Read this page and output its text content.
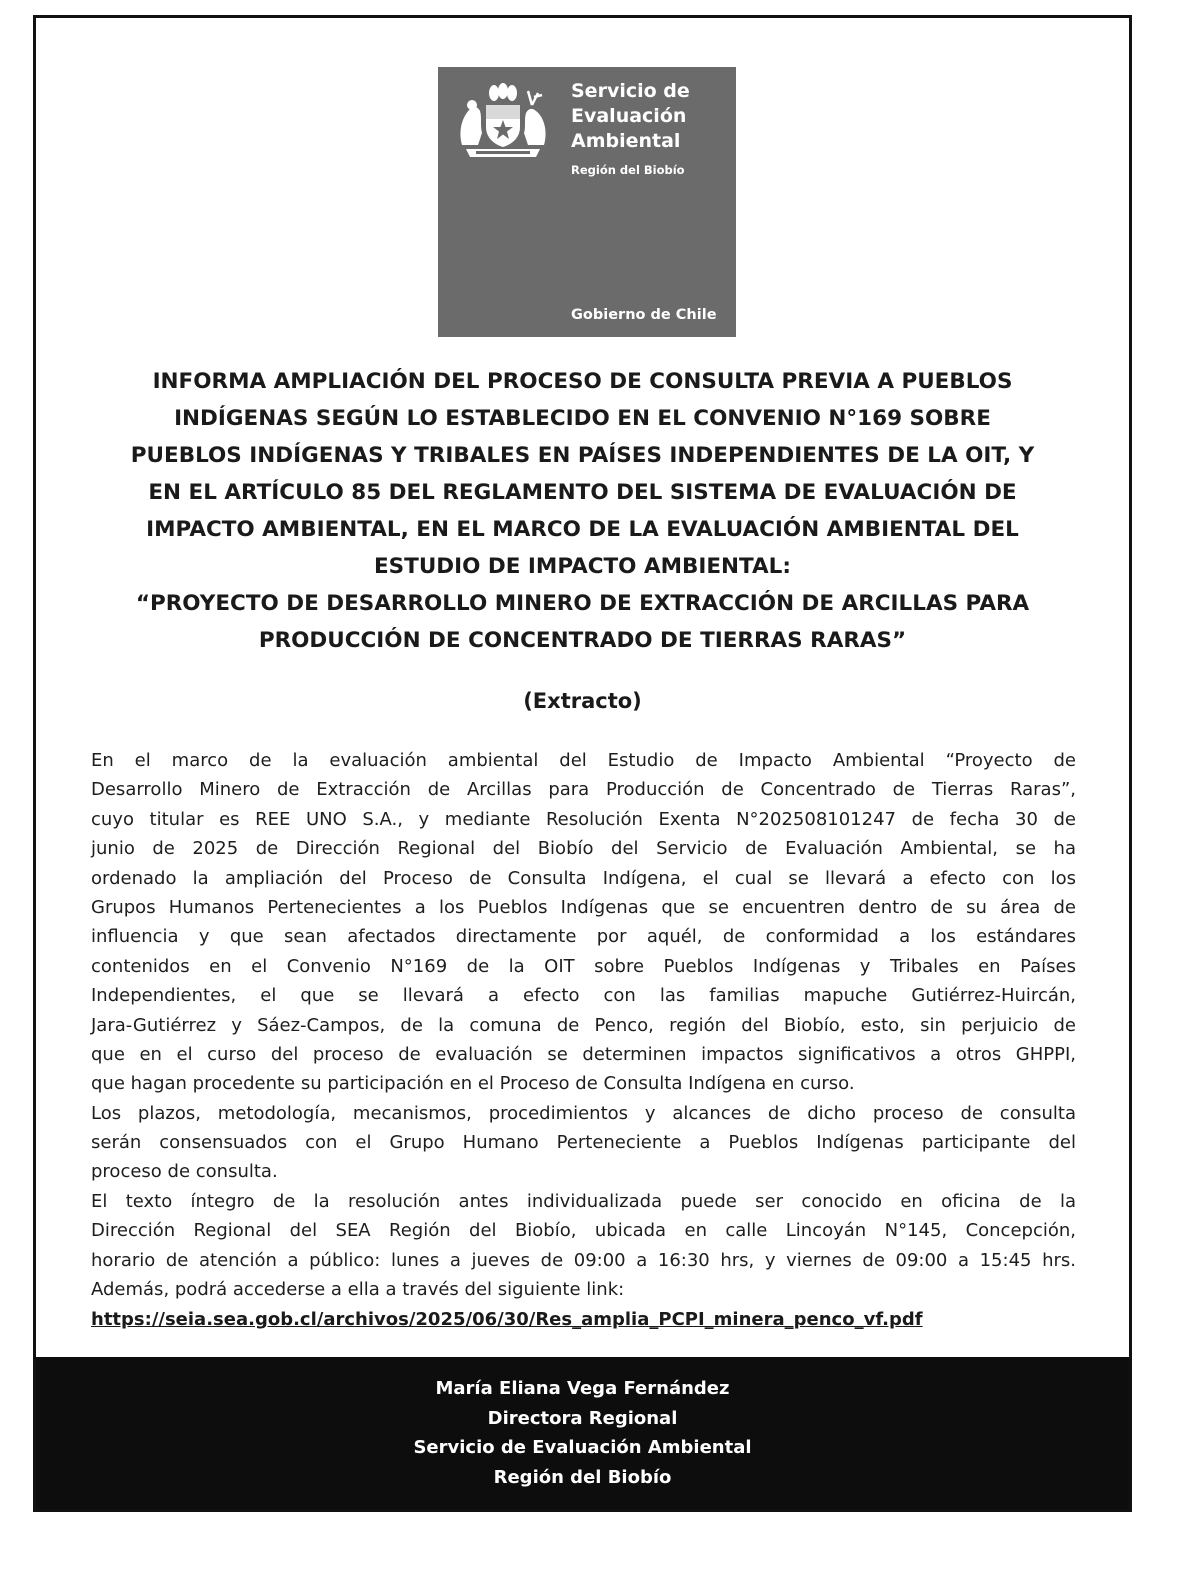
Servicio de
Evaluación
Ambiental
Región del Biobío
Gobierno de Chile
INFORMA AMPLIACIÓN DEL PROCESO DE CONSULTA PREVIA A PUEBLOS
INDÍGENAS SEGÚN LO ESTABLECIDO EN EL CONVENIO N°169 SOBRE
PUEBLOS INDÍGENAS Y TRIBALES EN PAÍSES INDEPENDIENTES DE LA OIT, Y
EN EL ARTÍCULO 85 DEL REGLAMENTO DEL SISTEMA DE EVALUACIÓN DE
IMPACTO AMBIENTAL, EN EL MARCO DE LA EVALUACIÓN AMBIENTAL DEL
ESTUDIO DE IMPACTO AMBIENTAL:
“PROYECTO DE DESARROLLO MINERO DE EXTRACCIÓN DE ARCILLAS PARA
PRODUCCIÓN DE CONCENTRADO DE TIERRAS RARAS”
(Extracto)
En el marco de la evaluación ambiental del Estudio de Impacto Ambiental “Proyecto de
Desarrollo Minero de Extracción de Arcillas para Producción de Concentrado de Tierras Raras”,
cuyo titular es REE UNO S.A., y mediante Resolución Exenta N°202508101247 de fecha 30 de
junio de 2025 de Dirección Regional del Biobío del Servicio de Evaluación Ambiental, se ha
ordenado la ampliación del Proceso de Consulta Indígena, el cual se llevará a efecto con los
Grupos Humanos Pertenecientes a los Pueblos Indígenas que se encuentren dentro de su área de
influencia y que sean afectados directamente por aquél, de conformidad a los estándares
contenidos en el Convenio N°169 de la OIT sobre Pueblos Indígenas y Tribales en Países
Independientes, el que se llevará a efecto con las familias mapuche Gutiérrez-Huircán,
Jara-Gutiérrez y Sáez-Campos, de la comuna de Penco, región del Biobío, esto, sin perjuicio de
que en el curso del proceso de evaluación se determinen impactos significativos a otros GHPPI,
que hagan procedente su participación en el Proceso de Consulta Indígena en curso.
Los plazos, metodología, mecanismos, procedimientos y alcances de dicho proceso de consulta
serán consensuados con el Grupo Humano Perteneciente a Pueblos Indígenas participante del
proceso de consulta.
El texto íntegro de la resolución antes individualizada puede ser conocido en oficina de la
Dirección Regional del SEA Región del Biobío, ubicada en calle Lincoyán N°145, Concepción,
horario de atención a público: lunes a jueves de 09:00 a 16:30 hrs, y viernes de 09:00 a 15:45 hrs.
Además, podrá accederse a ella a través del siguiente link:
https://seia.sea.gob.cl/archivos/2025/06/30/Res_amplia_PCPI_minera_penco_vf.pdf
María Eliana Vega Fernández
Directora Regional
Servicio de Evaluación Ambiental
Región del Biobío
